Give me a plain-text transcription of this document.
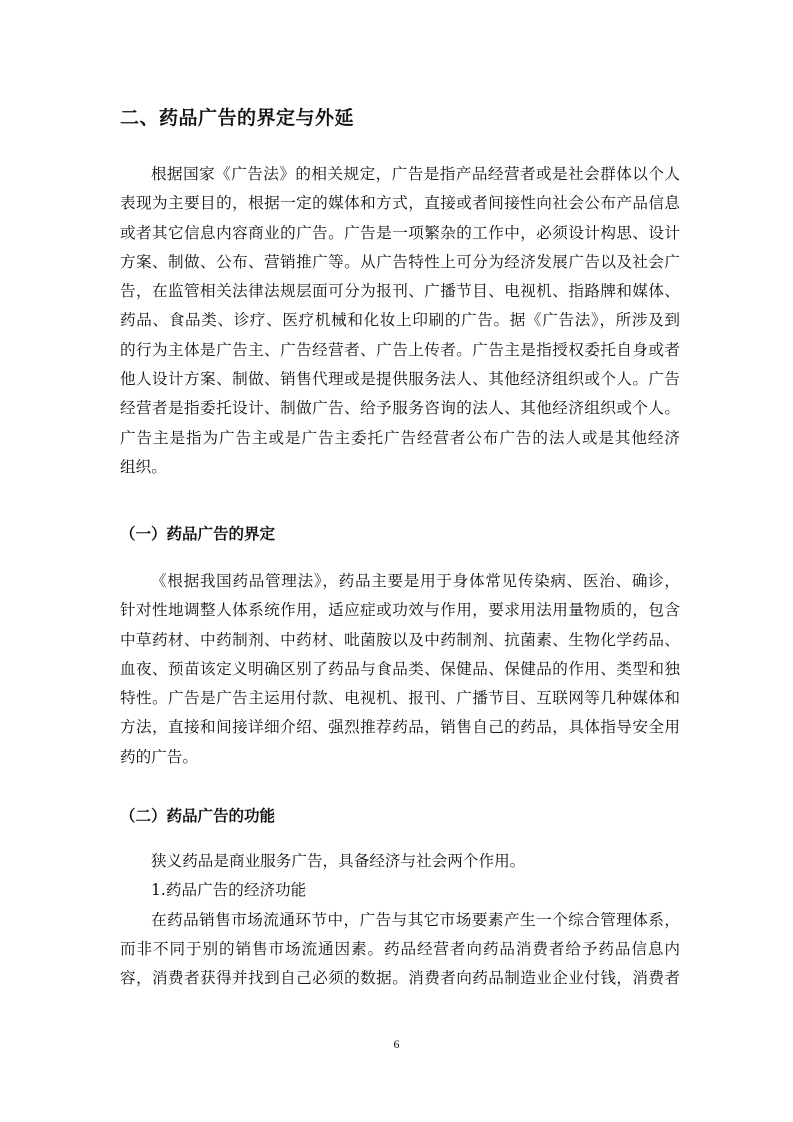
二、药品广告的界定与外延
根据国家《广告法》的相关规定，广告是指产品经营者或是社会群体以个人
表现为主要目的，根据一定的媒体和方式，直接或者间接性向社会公布产品信息
或者其它信息内容商业的广告。广告是一项繁杂的工作中，必须设计构思、设计
方案、制做、公布、营销推广等。从广告特性上可分为经济发展广告以及社会广
告，在监管相关法律法规层面可分为报刊、广播节目、电视机、指路牌和媒体、
药品、食品类、诊疗、医疗机械和化妆上印刷的广告。据《广告法》，所涉及到
的行为主体是广告主、广告经营者、广告上传者。广告主是指授权委托自身或者
他人设计方案、制做、销售代理或是提供服务法人、其他经济组织或个人。广告
经营者是指委托设计、制做广告、给予服务咨询的法人、其他经济组织或个人。
广告主是指为广告主或是广告主委托广告经营者公布广告的法人或是其他经济
组织。
（一）药品广告的界定
《根据我国药品管理法》，药品主要是用于身体常见传染病、医治、确诊，
针对性地调整人体系统作用，适应症或功效与作用，要求用法用量物质的，包含
中草药材、中药制剂、中药材、吡菌胺以及中药制剂、抗菌素、生物化学药品、
血夜、预苗该定义明确区别了药品与食品类、保健品、保健品的作用、类型和独
特性。广告是广告主运用付款、电视机、报刊、广播节目、互联网等几种媒体和
方法，直接和间接详细介绍、强烈推荐药品，销售自己的药品，具体指导安全用
药的广告。
（二）药品广告的功能
狭义药品是商业服务广告，具备经济与社会两个作用。
1.药品广告的经济功能
在药品销售市场流通环节中，广告与其它市场要素产生一个综合管理体系，
而非不同于别的销售市场流通因素。药品经营者向药品消费者给予药品信息内
容，消费者获得并找到自己必须的数据。消费者向药品制造业企业付钱，消费者

6
